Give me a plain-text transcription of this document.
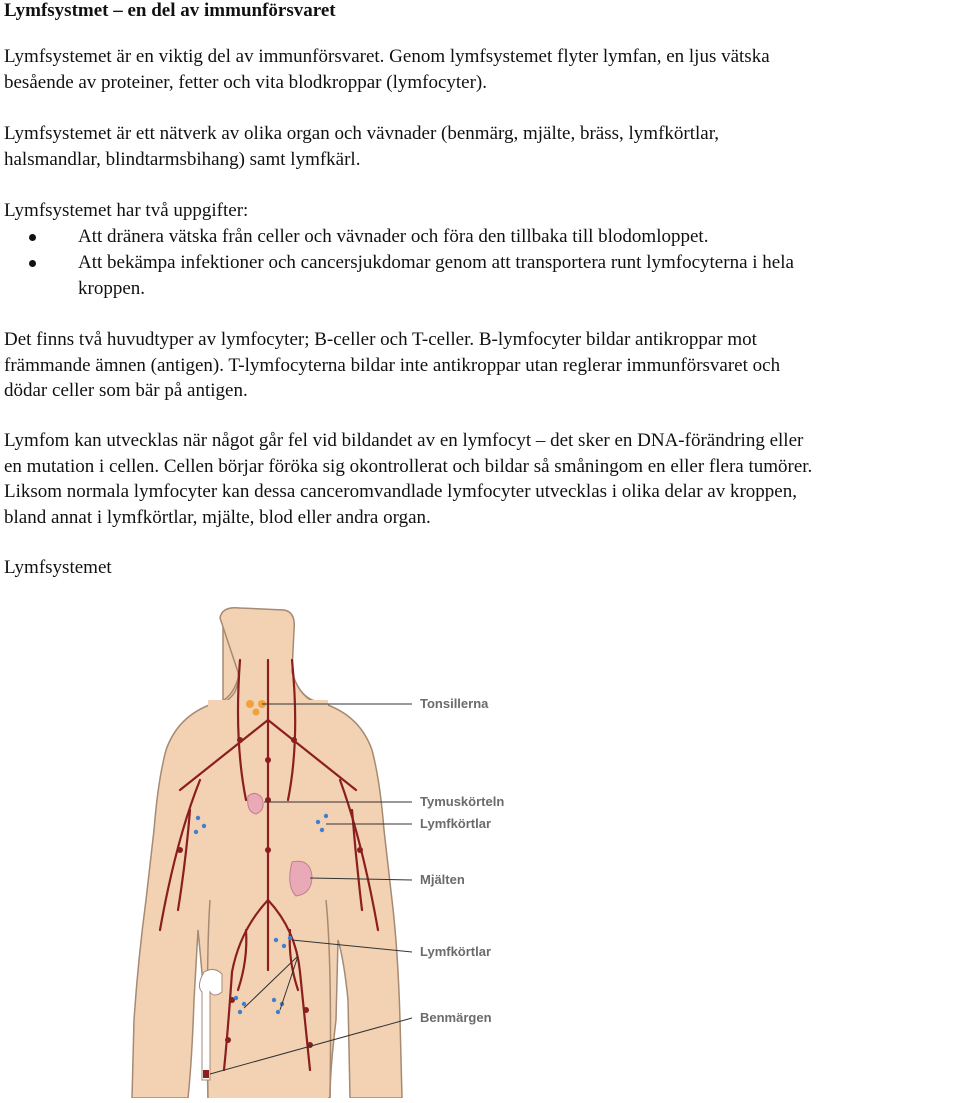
Lymfsystmet – en del av immunförsvaret
Lymfsystemet är en viktig del av immunförsvaret. Genom lymfsystemet flyter lymfan, en ljus vätska
besående av proteiner, fetter och vita blodkroppar (lymfocyter).
Lymfsystemet är ett nätverk av olika organ och vävnader (benmärg, mjälte, bräss, lymfkörtlar,
halsmandlar, blindtarmsbihang) samt lymfkärl.
Lymfsystemet har två uppgifter:
Att dränera vätska från celler och vävnader och föra den tillbaka till blodomloppet.
Att bekämpa infektioner och cancersjukdomar genom att transportera runt lymfocyterna i hela
kroppen.
Det finns två huvudtyper av lymfocyter; B-celler och T-celler. B-lymfocyter bildar antikroppar mot
främmande ämnen (antigen). T-lymfocyterna bildar inte antikroppar utan reglerar immunförsvaret och
dödar celler som bär på antigen.
Lymfom kan utvecklas när något går fel vid bildandet av en lymfocyt – det sker en DNA-förändring eller
en mutation i cellen. Cellen börjar föröka sig okontrollerat och bildar så småningom en eller flera tumörer.
Liksom normala lymfocyter kan dessa canceromvandlade lymfocyter utvecklas i olika delar av kroppen,
bland annat i lymfkörtlar, mjälte, blod eller andra organ.
Lymfsystemet
Tonsillerna
Tymuskörteln
Lymfkörtlar
Mjälten
Lymfkörtlar
Benmärgen
